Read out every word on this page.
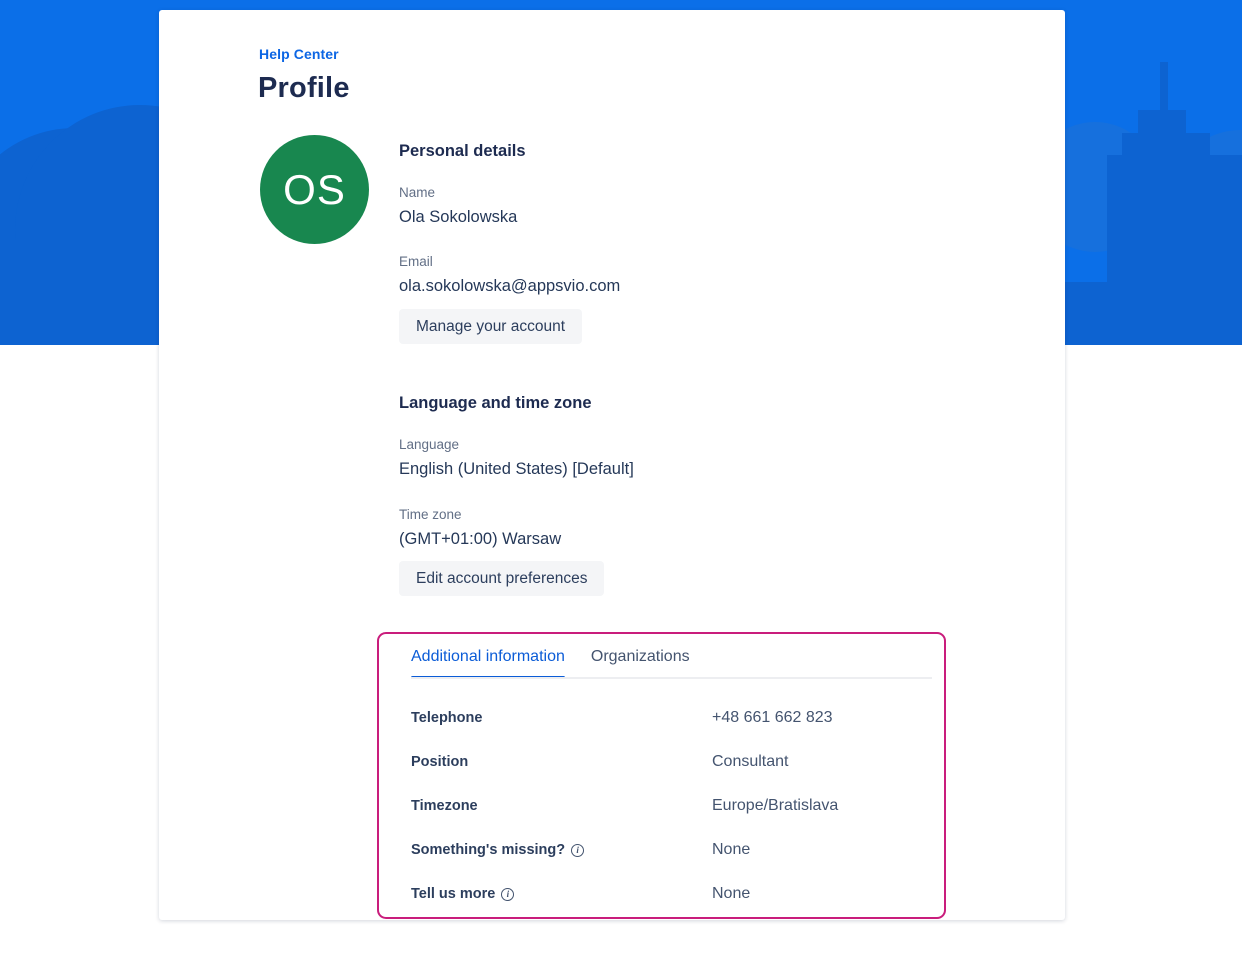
Help Center
Profile
OS
Personal details
Name
Ola Sokolowska
Email
ola.sokolowska@appsvio.com
Manage your account
Language and time zone
Language
English (United States) [Default]
Time zone
(GMT+01:00) Warsaw
Edit account preferences
Additional information Organizations
Telephone	+48 661 662 823
Position	Consultant
Timezone	Europe/Bratislava
Something's missing?	i	None
Tell us more	i	None
